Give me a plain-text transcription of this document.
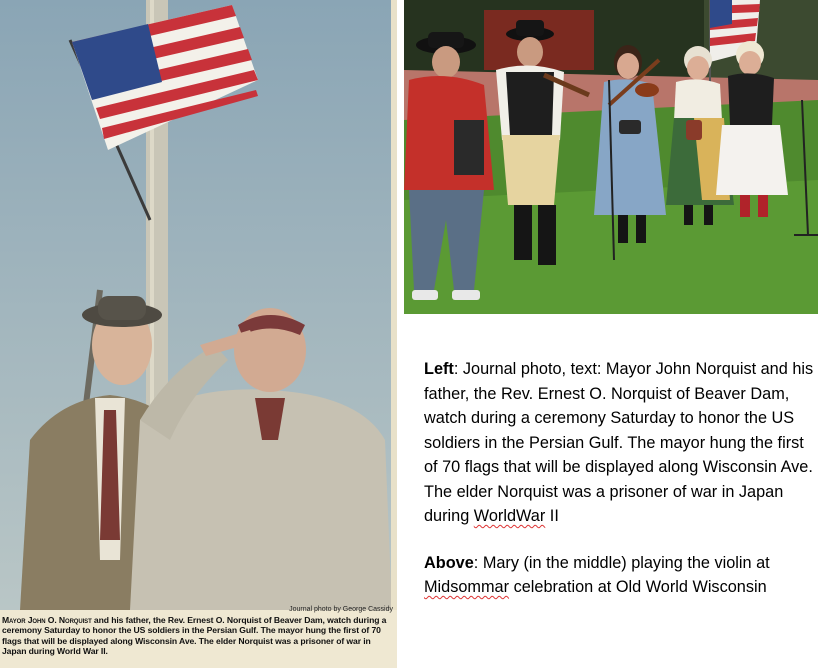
Journal photo by George Cassidy
Mayor John O. Norquist and his father, the Rev. Ernest O. Norquist of Beaver Dam, watch during a ceremony Saturday to honor the US soldiers in the Persian Gulf. The mayor hung the first of 70 flags that will be displayed along Wisconsin Ave. The elder Norquist was a prisoner of war in Japan during World War II.

Left: Journal photo, text: Mayor John Norquist and his father, the Rev. Ernest O. Norquist of Beaver Dam, watch during a ceremony Saturday to honor the US soldiers in the Persian Gulf. The mayor hung the first of 70 flags that will be displayed along Wisconsin Ave. The elder Norquist was a prisoner of war in Japan during WorldWar II

Above: Mary (in the middle) playing the violin at Midsommar celebration at Old World Wisconsin
